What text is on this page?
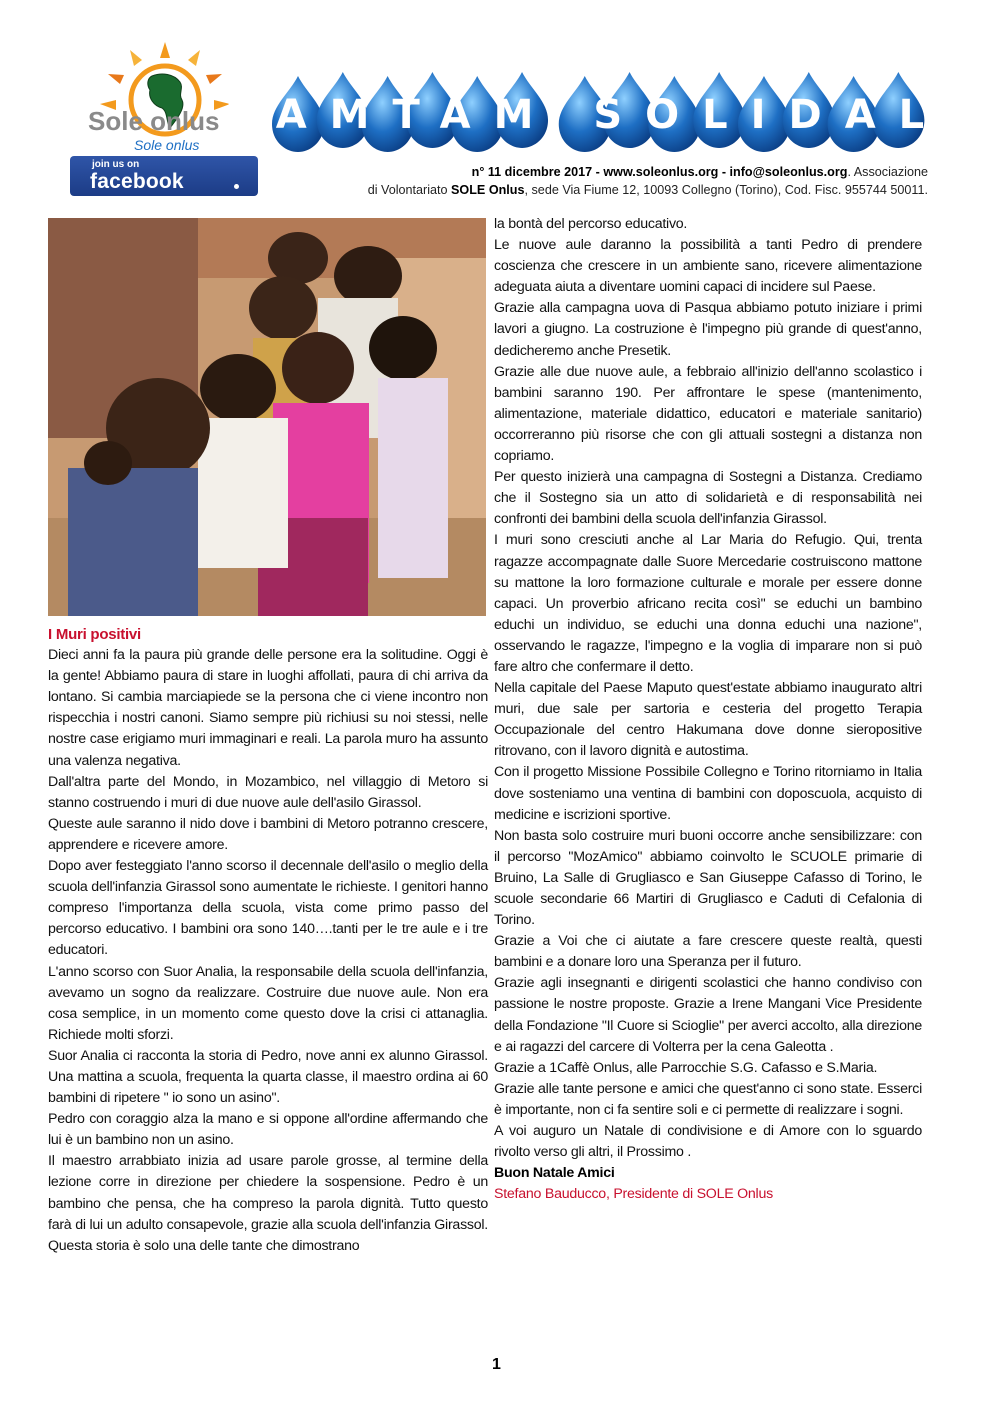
Sole onlus
Sole onlus
join us on
facebook
TAMTAM SOLIDALE
n° 11 dicembre 2017 - www.soleonlus.org - info@soleonlus.org. Associazione
di Volontariato SOLE Onlus, sede Via Fiume 12, 10093 Collegno (Torino), Cod. Fisc. 955744 50011.

I Muri positivi

Dieci anni fa la paura più grande delle persone era la solitudine. Oggi è la gente! Abbiamo paura di stare in luoghi affollati, paura di chi arriva da lontano. Si cambia marciapiede se la persona che ci viene incontro non rispecchia i nostri canoni. Siamo sempre più richiusi su noi stessi, nelle nostre case erigiamo muri immaginari e reali. La parola muro ha assunto una valenza negativa.

Dall'altra parte del Mondo, in Mozambico, nel villaggio di Metoro si stanno costruendo i muri di due nuove aule dell'asilo Girassol.

Queste aule saranno il nido dove i bambini di Metoro potranno crescere, apprendere e ricevere amore.

Dopo aver festeggiato l'anno scorso il decennale dell'asilo o meglio della scuola dell'infanzia Girassol sono aumentate le richieste. I genitori hanno compreso l'importanza della scuola, vista come primo passo del percorso educativo. I bambini ora sono 140….tanti per le tre aule e i tre educatori.

L'anno scorso con Suor Analia, la responsabile della scuola dell'infanzia, avevamo un sogno da realizzare. Costruire due nuove aule. Non era cosa semplice, in un momento come questo dove la crisi ci attanaglia. Richiede molti sforzi.

Suor Analia ci racconta la storia di Pedro, nove anni ex alunno Girassol. Una mattina a scuola, frequenta la quarta classe, il maestro ordina ai 60 bambini di ripetere " io sono un asino".

Pedro con coraggio alza la mano e si oppone all'ordine affermando che lui è un bambino non un asino.

Il maestro arrabbiato inizia ad usare parole grosse, al termine della lezione corre in direzione per chiedere la sospensione. Pedro è un bambino che pensa, che ha compreso la parola dignità. Tutto questo farà di lui un adulto consapevole, grazie alla scuola dell'infanzia Girassol. Questa storia è solo una delle tante che dimostrano

la bontà del percorso educativo.

Le nuove aule daranno la possibilità a tanti Pedro di prendere coscienza che crescere in un ambiente sano, ricevere alimentazione adeguata aiuta a diventare uomini capaci di incidere sul Paese.

Grazie alla campagna uova di Pasqua abbiamo potuto iniziare i primi lavori a giugno. La costruzione è l'impegno più grande di quest'anno, dedicheremo anche Presetik.

Grazie alle due nuove aule, a febbraio all'inizio dell'anno scolastico i bambini saranno 190. Per affrontare le spese (mantenimento, alimentazione, materiale didattico, educatori e materiale sanitario) occorreranno più risorse che con gli attuali sostegni a distanza non copriamo.

Per questo inizierà una campagna di Sostegni a Distanza. Crediamo che il Sostegno sia un atto di solidarietà e di responsabilità nei confronti dei bambini della scuola dell'infanzia Girassol.

I muri sono cresciuti anche al Lar Maria do Refugio. Qui, trenta ragazze accompagnate dalle Suore Mercedarie costruiscono mattone su mattone la loro formazione culturale e morale per essere donne capaci. Un proverbio africano recita così" se educhi un bambino educhi un individuo, se educhi una donna educhi una nazione", osservando le ragazze, l'impegno e la voglia di imparare non si può fare altro che confermare il detto.

Nella capitale del Paese Maputo quest'estate abbiamo inaugurato altri muri, due sale per sartoria e cesteria del progetto Terapia Occupazionale del centro Hakumana dove donne sieropositive ritrovano, con il lavoro dignità e autostima.

Con il progetto Missione Possibile Collegno e Torino ritorniamo in Italia dove sosteniamo una ventina di bambini con doposcuola, acquisto di medicine e iscrizioni sportive.

Non basta solo costruire muri buoni occorre anche sensibilizzare: con il percorso "MozAmico" abbiamo coinvolto le SCUOLE primarie di Bruino, La Salle di Grugliasco e San Giuseppe Cafasso di Torino, le scuole secondarie 66 Martiri di Grugliasco e Caduti di Cefalonia di Torino.

Grazie a Voi che ci aiutate a fare crescere queste realtà, questi bambini e a donare loro una Speranza per il futuro.

Grazie agli insegnanti e dirigenti scolastici che hanno condiviso con passione le nostre proposte. Grazie a Irene Mangani Vice Presidente della Fondazione "Il Cuore si Scioglie" per averci accolto, alla direzione e ai ragazzi del carcere di Volterra per la cena Galeotta .

Grazie a 1Caffè Onlus, alle Parrocchie S.G. Cafasso e S.Maria.

Grazie alle tante persone e amici che quest'anno ci sono state. Esserci è importante, non ci fa sentire soli e ci permette di realizzare i sogni.

A voi auguro un Natale di condivisione e di Amore con lo sguardo rivolto verso gli altri, il Prossimo .

Buon Natale Amici

Stefano Bauducco, Presidente di SOLE Onlus

1
